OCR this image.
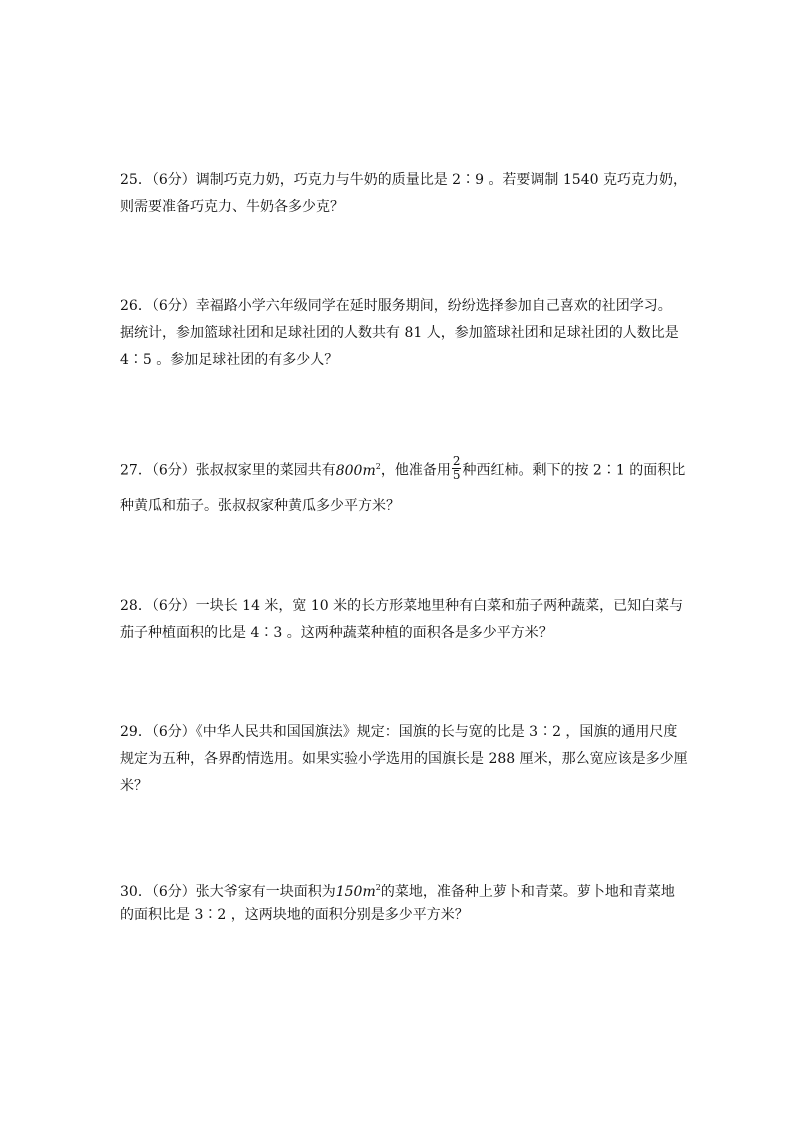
25．（6分）调制巧克力奶，巧克力与牛奶的质量比是 2∶9 。若要调制 1540 克巧克力奶，
则需要准备巧克力、牛奶各多少克？
26．（6分）幸福路小学六年级同学在延时服务期间，纷纷选择参加自己喜欢的社团学习。
据统计，参加篮球社团和足球社团的人数共有 81 人，参加篮球社团和足球社团的人数比是
4∶5 。参加足球社团的有多少人？
27．（6分）张叔叔家里的菜园共有$800m^2$，他准备用 $\frac{2}{5}$ 种西红柿。剩下的按 2∶1 的面积比
种黄瓜和茄子。张叔叔家种黄瓜多少平方米？
28．（6分）一块长 14 米，宽 10 米的长方形菜地里种有白菜和茄子两种蔬菜，已知白菜与
茄子种植面积的比是 4∶3 。这两种蔬菜种植的面积各是多少平方米？
29．（6分）《中华人民共和国国旗法》规定：国旗的长与宽的比是 3∶2 ，国旗的通用尺度
规定为五种，各界酌情选用。如果实验小学选用的国旗长是 288 厘米，那么宽应该是多少厘
米？
30．（6分）张大爷家有一块面积为$150m^2$的菜地，准备种上萝卜和青菜。萝卜地和青菜地
的面积比是 3∶2 ，这两块地的面积分别是多少平方米？
